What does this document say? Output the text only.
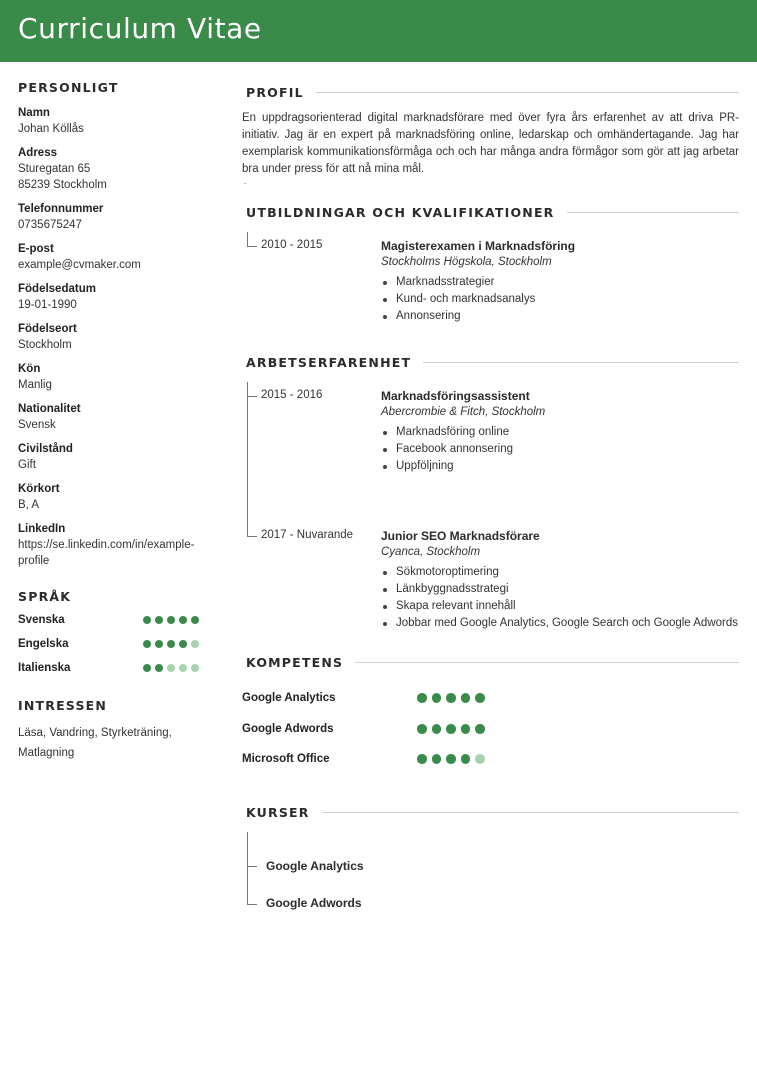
Curriculum Vitae
PERSONLIGT
Namn
Johan Köllås
Adress
Sturegatan 65
85239 Stockholm
Telefonnummer
0735675247
E-post
example@cvmaker.com
Födelsedatum
19-01-1990
Födelseort
Stockholm
Kön
Manlig
Nationalitet
Svensk
Civilstånd
Gift
Körkort
B, A
LinkedIn
https://se.linkedin.com/in/example-
profile
SPRÅK
Svenska
Engelska
Italienska
INTRESSEN
Läsa, Vandring, Styrketräning,
Matlagning
PROFIL
En uppdragsorienterad digital marknadsförare med över fyra års erfarenhet av att driva PR-initiativ. Jag är en expert på marknadsföring online, ledarskap och omhändertagande. Jag har exemplarisk kommunikationsförmåga och och har många andra förmågor som gör att jag arbetar bra under press för att nå mina mål.
.
UTBILDNINGAR OCH KVALIFIKATIONER
2010 - 2015	Magisterexamen i Marknadsföring
Stockholms Högskola, Stockholm
Marknadsstrategier
Kund- och marknadsanalys
Annonsering
ARBETSERFARENHET
2015 - 2016	Marknadsföringsassistent
Abercrombie & Fitch, Stockholm
Marknadsföring online
Facebook annonsering
Uppföljning
2017 - Nuvarande Junior SEO Marknadsförare
Cyanca, Stockholm
Sökmotoroptimering
Länkbyggnadsstrategi
Skapa relevant innehåll
Jobbar med Google Analytics, Google Search och Google Adwords
KOMPETENS
Google Analytics
Google Adwords
Microsoft Office
KURSER
Google Analytics
Google Adwords
